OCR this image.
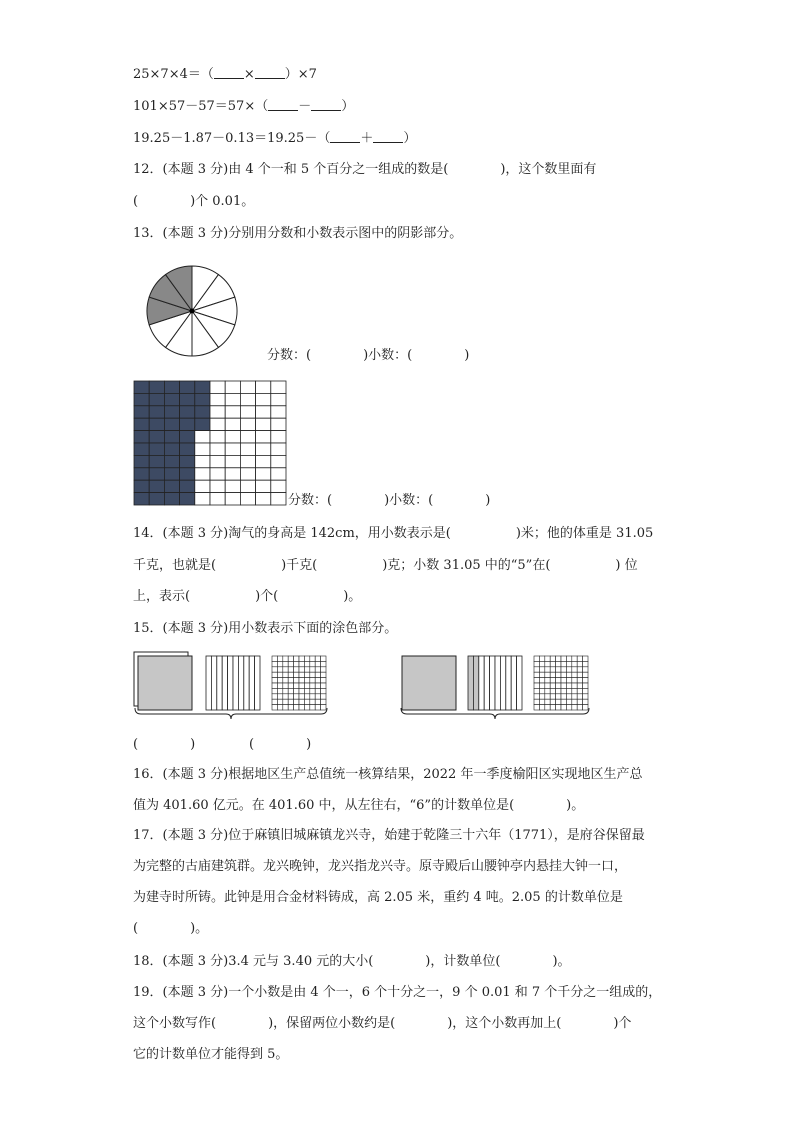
25×7×4＝（ × ）×7
101×57－57＝57×（ － ）
19.25－1.87－0.13＝19.25－（ ＋ ）
12．(本题 3 分)由 4 个一和 5 个百分之一组成的数是(　　　　)，这个数里面有
(　　　　)个 0.01。
13．(本题 3 分)分别用分数和小数表示图中的阴影部分。
分数：(　　　　)小数：(　　　　)
分数：(　　　　)小数：(　　　　)
14．(本题 3 分)淘气的身高是 142cm，用小数表示是(　　　　　)米；他的体重是 31.05
千克，也就是(　　　　　)千克(　　　　　)克；小数 31.05 中的“5”在(　　　　　) 位
上，表示(　　　　　)个(　　　　　)。
15．(本题 3 分)用小数表示下面的涂色部分。
(　　　　)	(　　　　)
16．(本题 3 分)根据地区生产总值统一核算结果，2022 年一季度榆阳区实现地区生产总
值为 401.60 亿元。在 401.60 中，从左往右，“6”的计数单位是(　　　　)。
17．(本题 3 分)位于麻镇旧城麻镇龙兴寺，始建于乾隆三十六年（1771），是府谷保留最
为完整的古庙建筑群。龙兴晚钟，龙兴指龙兴寺。原寺殿后山腰钟亭内悬挂大钟一口，
为建寺时所铸。此钟是用合金材料铸成，高 2.05 米，重约 4 吨。2.05 的计数单位是
(　　　　)。
18．(本题 3 分)3.4 元与 3.40 元的大小(　　　　)，计数单位(　　　　)。
19．(本题 3 分)一个小数是由 4 个一，6 个十分之一，9 个 0.01 和 7 个千分之一组成的，
这个小数写作(　　　　)，保留两位小数约是(　　　　)，这个小数再加上(　　　　)个
它的计数单位才能得到 5。
